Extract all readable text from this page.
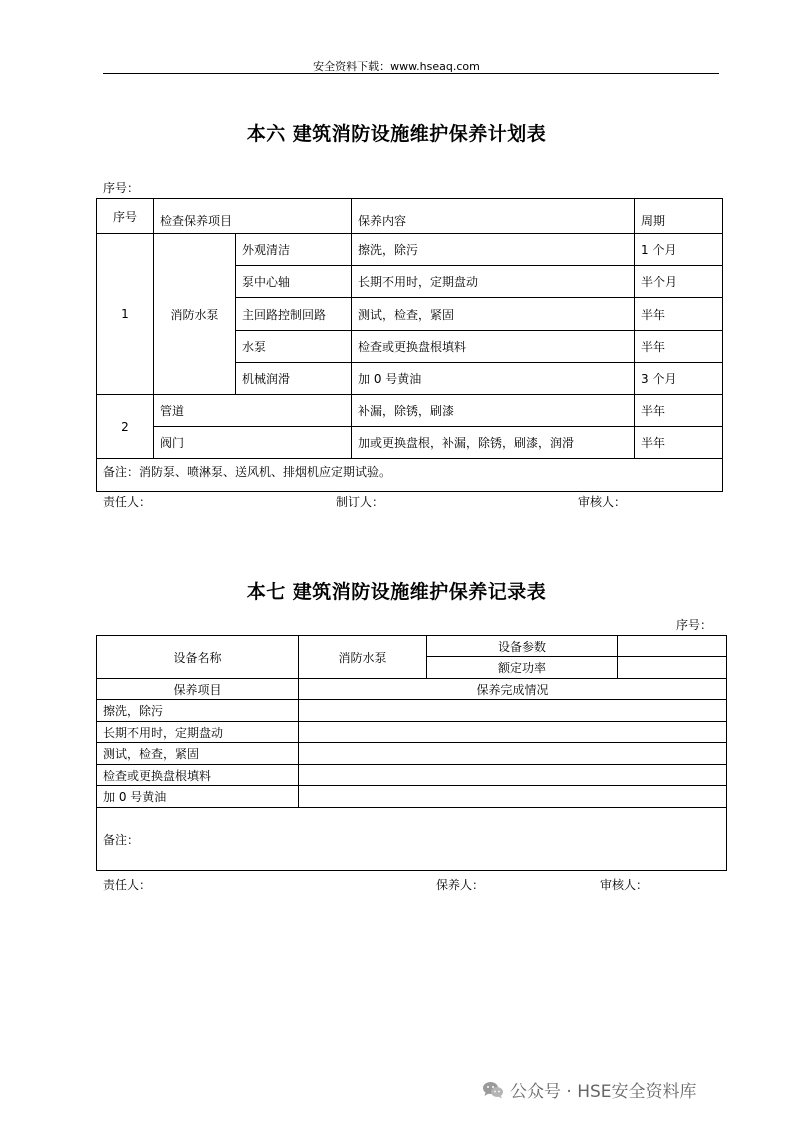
安全资料下载：www.hseaq.com
本六 建筑消防设施维护保养计划表
序号：
序号	检查保养项目		保养内容	周期
1	消防水泵	外观清洁	擦洗，除污	1 个月
		泵中心轴	长期不用时，定期盘动	半个月
		主回路控制回路	测试，检查，紧固	半年
		水泵	检查或更换盘根填料	半年
		机械润滑	加 0 号黄油	3 个月
2	管道		补漏，除锈，刷漆	半年
	阀门		加或更换盘根，补漏，除锈，刷漆，润滑	半年
备注：消防泵、喷淋泵、送风机、排烟机应定期试验。				
责任人：	制订人：	审核人：
本七 建筑消防设施维护保养记录表
序号：
设备名称	消防水泵	设备参数	
		额定功率	
保养项目	保养完成情况		
擦洗，除污			
长期不用时，定期盘动			
测试，检查，紧固			
检查或更换盘根填料			
加 0 号黄油			
备注：			
责任人：	保养人：	审核人：
公众号 · HSE安全资料库
